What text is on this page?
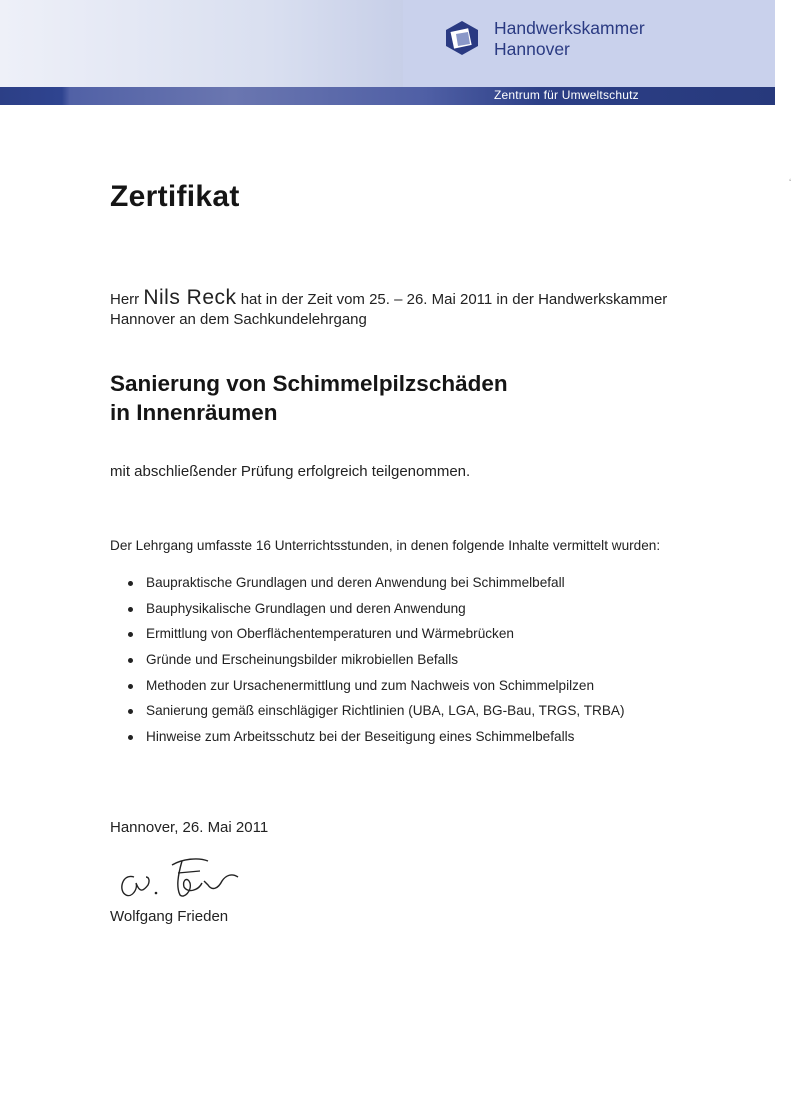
Handwerkskammer
Hannover
Zentrum für Umweltschutz
ʻ
Zertifikat
Herr Nils Reck hat in der Zeit vom 25. – 26. Mai 2011 in der Handwerkskammer Hannover an dem Sachkundelehrgang
Sanierung von Schimmelpilzschäden
in Innenräumen
mit abschließender Prüfung erfolgreich teilgenommen.
Der Lehrgang umfasste 16 Unterrichtsstunden, in denen folgende Inhalte vermittelt wurden:
Baupraktische Grundlagen und deren Anwendung bei Schimmelbefall
Bauphysikalische Grundlagen und deren Anwendung
Ermittlung von Oberflächentemperaturen und Wärmebrücken
Gründe und Erscheinungsbilder mikrobiellen Befalls
Methoden zur Ursachenermittlung und zum Nachweis von Schimmelpilzen
Sanierung gemäß einschlägiger Richtlinien (UBA, LGA, BG-Bau, TRGS, TRBA)
Hinweise zum Arbeitsschutz bei der Beseitigung eines Schimmelbefalls
Hannover, 26. Mai 2011
Wolfgang Frieden
